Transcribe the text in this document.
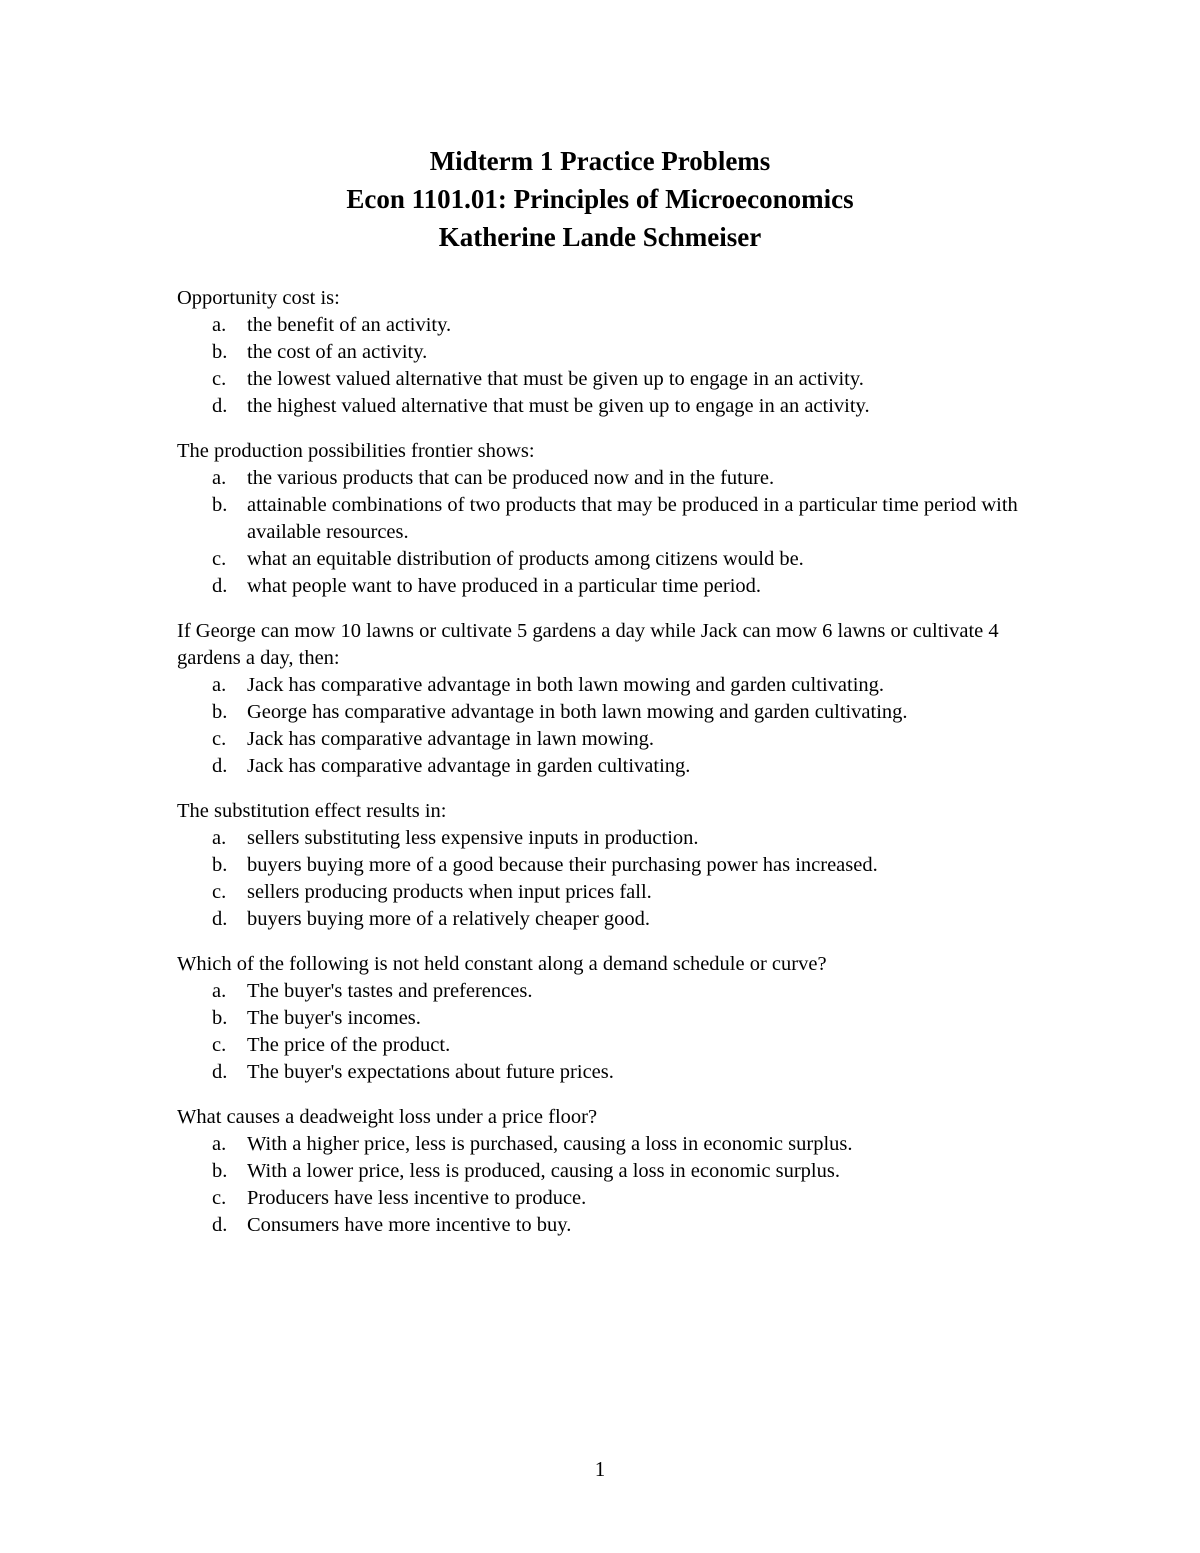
Midterm 1 Practice Problems
Econ 1101.01: Principles of Microeconomics
Katherine Lande Schmeiser

Opportunity cost is:

a.	the benefit of an activity.
b. the cost of an activity.
c.	the lowest valued alternative that must be given up to engage in an activity.
d. the highest valued alternative that must be given up to engage in an activity.

The production possibilities frontier shows:

a.	the various products that can be produced now and in the future.
b. attainable combinations of two products that may be produced in a particular time period with available resources.
c.	what an equitable distribution of products among citizens would be.
d. what people want to have produced in a particular time period.

If George can mow 10 lawns or cultivate 5 gardens a day while Jack can mow 6 lawns or cultivate 4 gardens a day, then:

a.	Jack has comparative advantage in both lawn mowing and garden cultivating.
b. George has comparative advantage in both lawn mowing and garden cultivating.
c.	Jack has comparative advantage in lawn mowing.
d. Jack has comparative advantage in garden cultivating.

The substitution effect results in:

a.	sellers substituting less expensive inputs in production.
b. buyers buying more of a good because their purchasing power has increased.
c.	sellers producing products when input prices fall.
d. buyers buying more of a relatively cheaper good.

Which of the following is not held constant along a demand schedule or curve?

a.	The buyer's tastes and preferences.
b. The buyer's incomes.
c.	The price of the product.
d. The buyer's expectations about future prices.

What causes a deadweight loss under a price floor?

a.	With a higher price, less is purchased, causing a loss in economic surplus.
b. With a lower price, less is produced, causing a loss in economic surplus.
c.	Producers have less incentive to produce.
d. Consumers have more incentive to buy.
1
